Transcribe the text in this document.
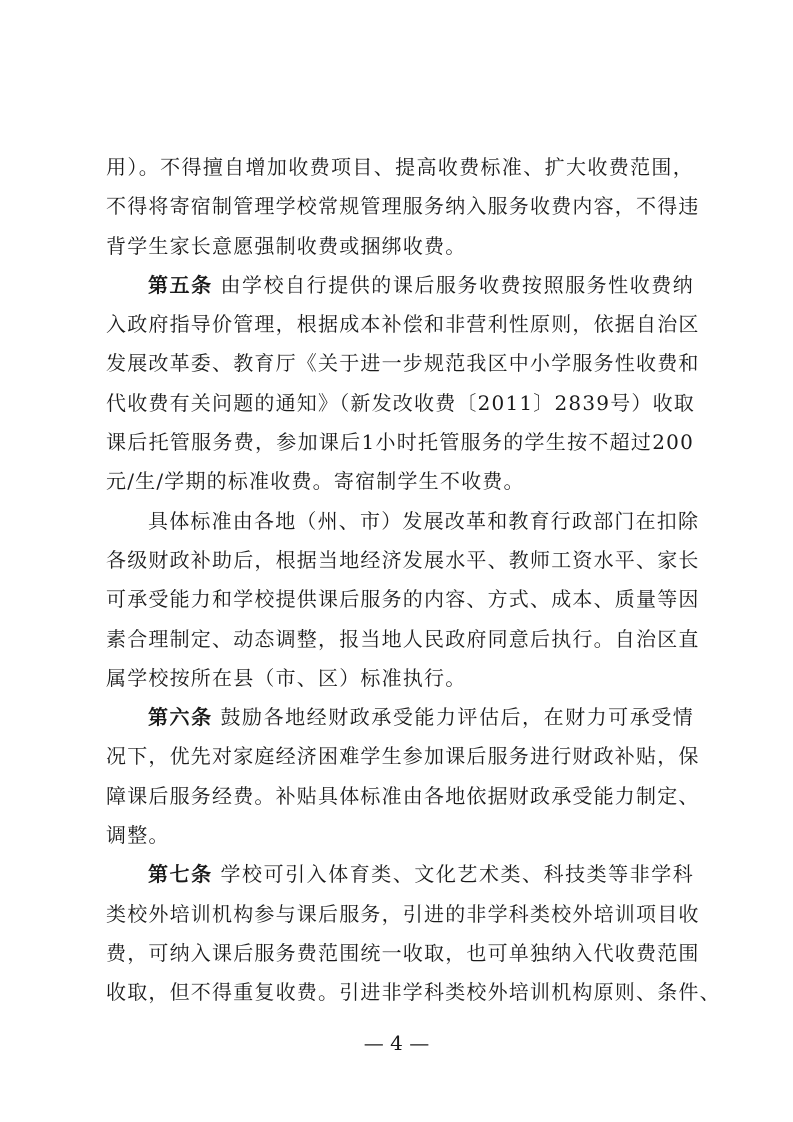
用）。不得擅自增加收费项目、提高收费标准、扩大收费范围，
不得将寄宿制管理学校常规管理服务纳入服务收费内容，不得违
背学生家长意愿强制收费或捆绑收费。
第五条 由学校自行提供的课后服务收费按照服务性收费纳
入政府指导价管理，根据成本补偿和非营利性原则，依据自治区
发展改革委、教育厅《关于进一步规范我区中小学服务性收费和
代收费有关问题的通知》（新发改收费〔2011〕2839号）收取
课后托管服务费，参加课后1小时托管服务的学生按不超过200
元/生/学期的标准收费。寄宿制学生不收费。
具体标准由各地（州、市）发展改革和教育行政部门在扣除
各级财政补助后，根据当地经济发展水平、教师工资水平、家长
可承受能力和学校提供课后服务的内容、方式、成本、质量等因
素合理制定、动态调整，报当地人民政府同意后执行。自治区直
属学校按所在县（市、区）标准执行。
第六条 鼓励各地经财政承受能力评估后，在财力可承受情
况下，优先对家庭经济困难学生参加课后服务进行财政补贴，保
障课后服务经费。补贴具体标准由各地依据财政承受能力制定、
调整。
第七条 学校可引入体育类、文化艺术类、科技类等非学科
类校外培训机构参与课后服务，引进的非学科类校外培训项目收
费，可纳入课后服务费范围统一收取，也可单独纳入代收费范围
收取，但不得重复收费。引进非学科类校外培训机构原则、条件、
— 4 —
